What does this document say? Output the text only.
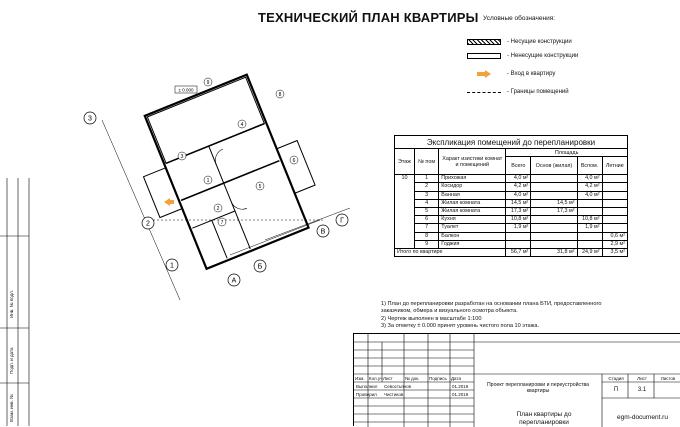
ТЕХНИЧЕСКИЙ ПЛАН КВАРТИРЫ Условные обозначения:
- Несущие конструкции
- Ненесущие конструкции
- Вход в квартиру
- Границы помещений
3
2
1
А
Б
В
Г
9
8
4
3
6
1
5
2
7
± 0.000
Экспликация помещений до перепланировки						
Этаж	№ пом	Характ изистики комнат и помещений	Площадь			
			Всего	Основ (жилая)	Вспом.	Летние
10	1	Прихожая	4,0 м²		4,0 м²	
	2	Косидор	4,2 м²		4,2 м²	
	3	Ванная	4,0 м²		4,0 м²	
	4	Жилая комната	14,5 м²	14,5 м²		
	5	Жилая комната	17,3 м²	17,3 м²		
	6	Кухня	10,8 м²		10,8 м²	
	7	Туалет	1,9 м²		1,9 м²	
	8	Балкон				0,6 м²
	9	Годжия				2,9 м²
Итого по квартире			56,7 м²	31,8 м²	24,9 м²	3,5 м²
1) План до перепланировки разработан на основании плана БТИ, предоставленного
заказчиком, обмера и визуального осмотра объекта.
2) Чертеж выполнен в масштабе 1:100
3) За отметку ± 0.000 принят уровень чистого пола 10 этажа.
Изм. Кол.уч Лист	№ док.	Подпись Дата
Выполнил Севостьянов	01.2019
Проверил Чистиков	01.2019
Проект перепланировки и переустройства квартиры
Стадия	Лист	Листов
П	3.1
План квартиры до перепланировки
egm-document.ru
Инв. № подл.
Подп. и дата
Взам. инв. №
